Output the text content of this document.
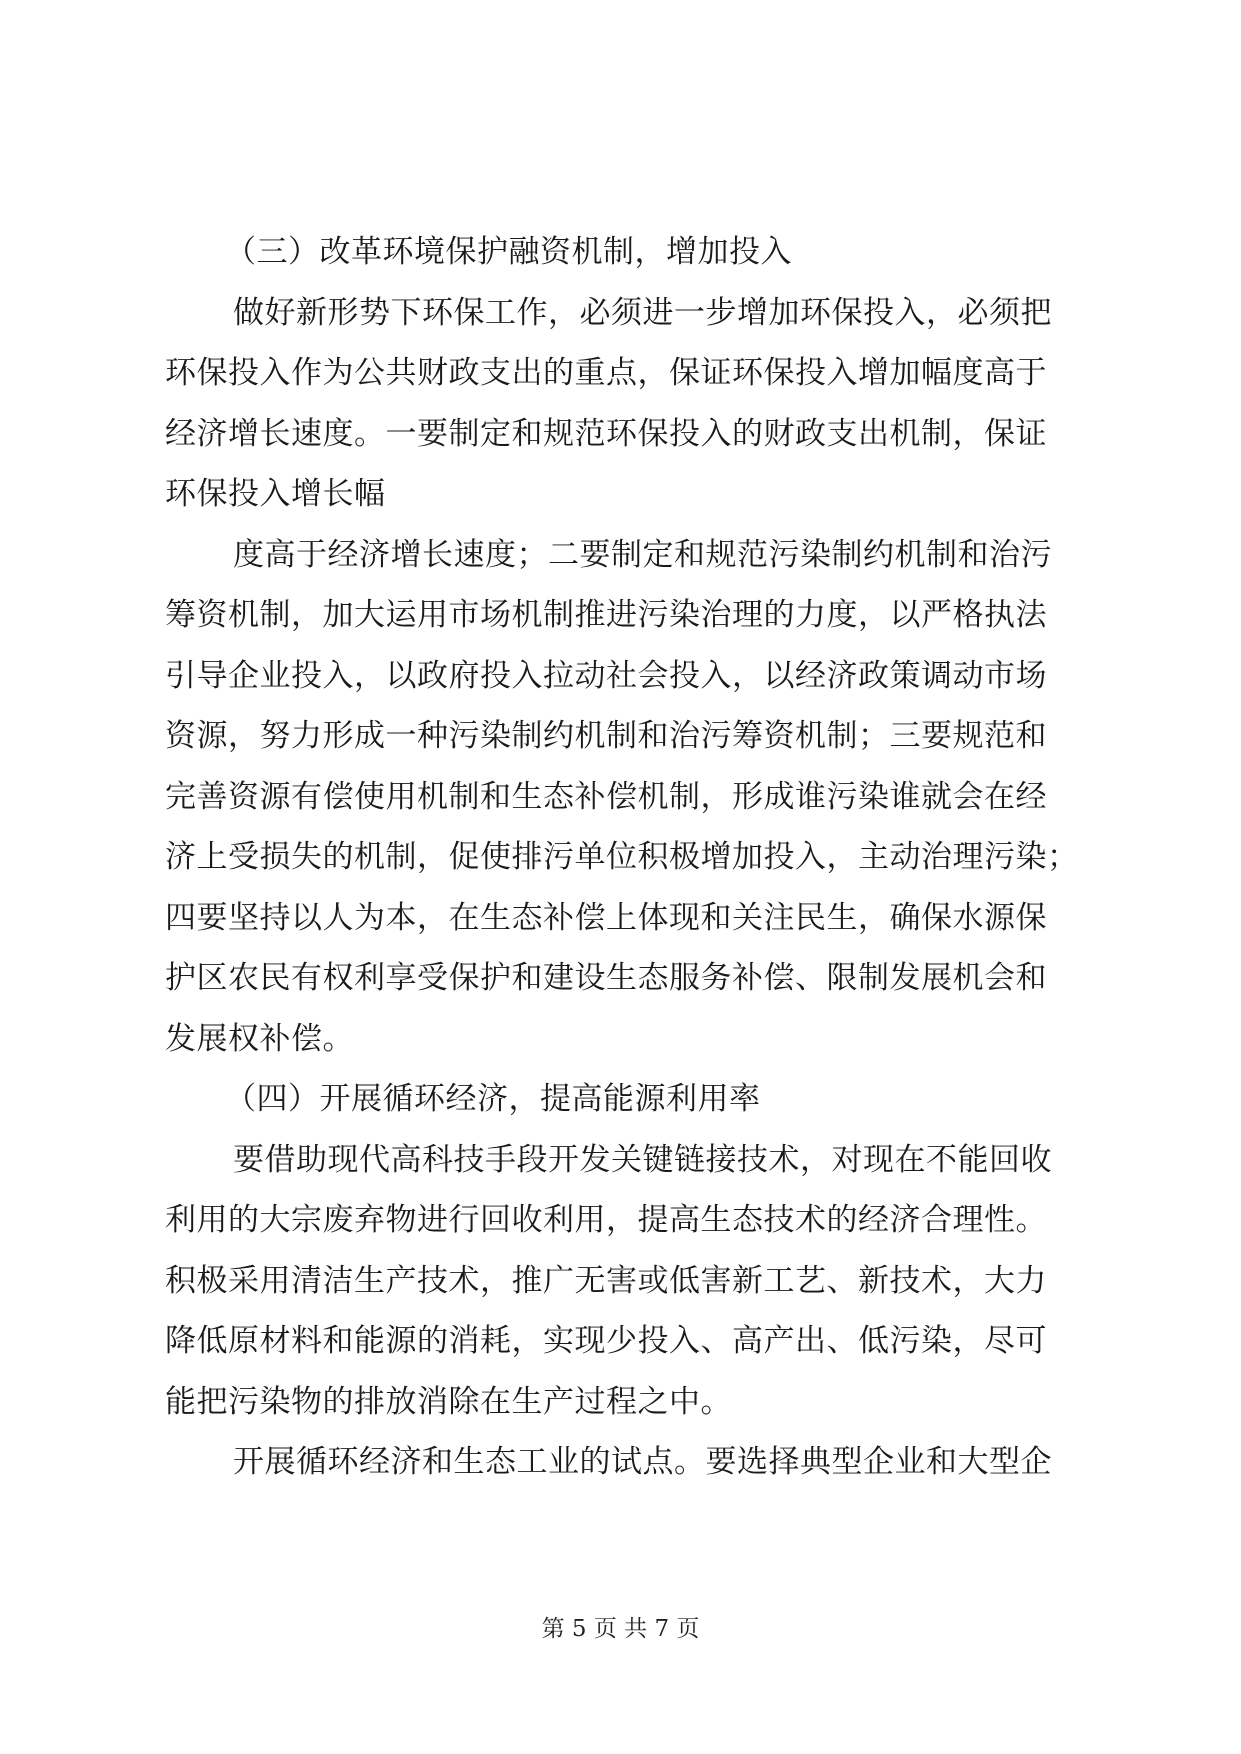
（三）改革环境保护融资机制，增加投入
做好新形势下环保工作，必须进一步增加环保投入，必须把
环保投入作为公共财政支出的重点，保证环保投入增加幅度高于
经济增长速度。一要制定和规范环保投入的财政支出机制，保证
环保投入增长幅
度高于经济增长速度；二要制定和规范污染制约机制和治污
筹资机制，加大运用市场机制推进污染治理的力度，以严格执法
引导企业投入，以政府投入拉动社会投入，以经济政策调动市场
资源，努力形成一种污染制约机制和治污筹资机制；三要规范和
完善资源有偿使用机制和生态补偿机制，形成谁污染谁就会在经
济上受损失的机制，促使排污单位积极增加投入，主动治理污染；
四要坚持以人为本，在生态补偿上体现和关注民生，确保水源保
护区农民有权利享受保护和建设生态服务补偿、限制发展机会和
发展权补偿。
（四）开展循环经济，提高能源利用率
要借助现代高科技手段开发关键链接技术，对现在不能回收
利用的大宗废弃物进行回收利用，提高生态技术的经济合理性。
积极采用清洁生产技术，推广无害或低害新工艺、新技术，大力
降低原材料和能源的消耗，实现少投入、高产出、低污染，尽可
能把污染物的排放消除在生产过程之中。
开展循环经济和生态工业的试点。要选择典型企业和大型企
第 5 页 共 7 页
